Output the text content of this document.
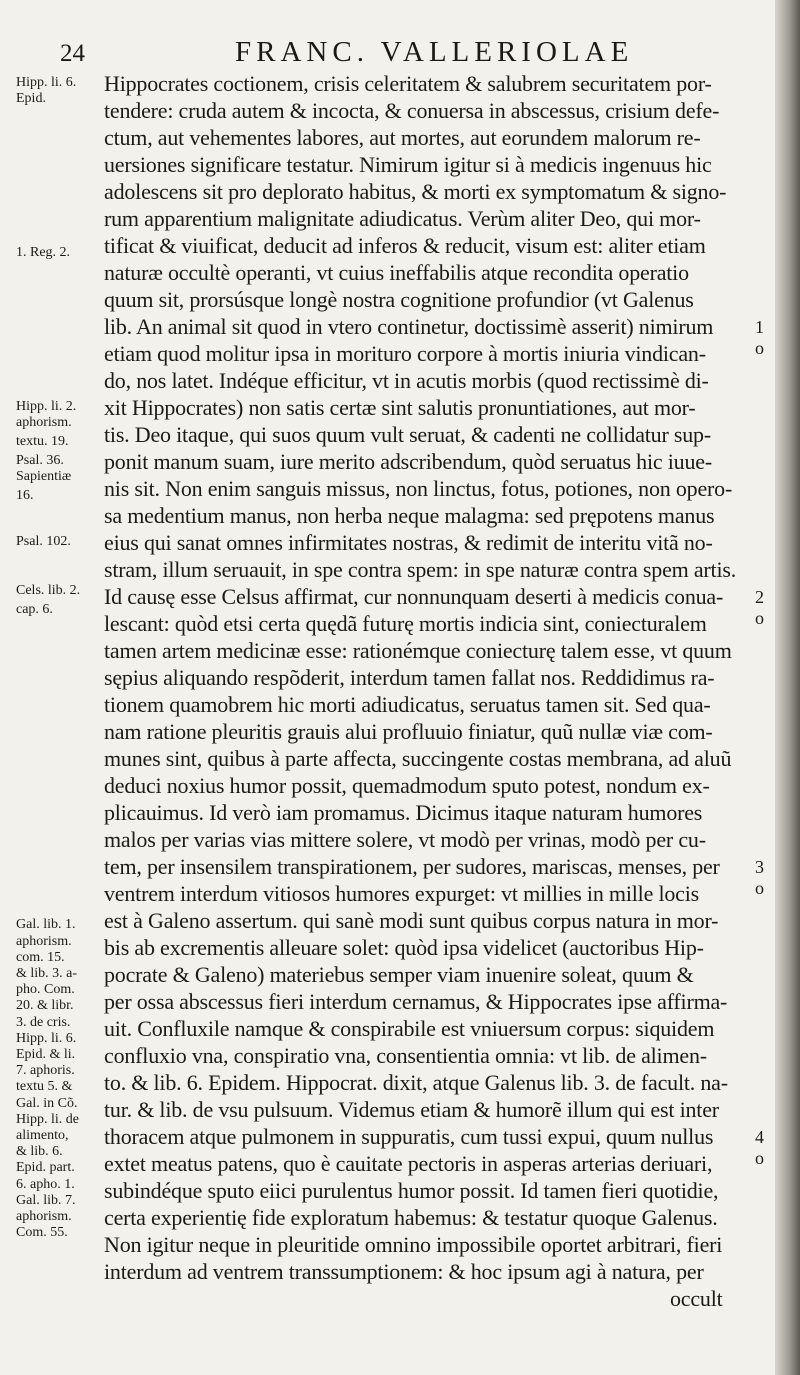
24	FRANC. VALLERIOLAE
Hippocrates coctionem, crisis celeritatem & salubrem securitatem por-
tendere: cruda autem & incocta, & conuersa in abscessus, crisium defe-
ctum, aut vehementes labores, aut mortes, aut eorundem malorum re-
uersiones significare testatur. Nimirum igitur si à medicis ingenuus hic
adolescens sit pro deplorato habitus, & morti ex symptomatum & signo-
rum apparentium malignitate adiudicatus. Verùm aliter Deo, qui mor-
tificat & viuificat, deducit ad inferos & reducit, visum est: aliter etiam
naturæ occultè operanti, vt cuius ineffabilis atque recondita operatio
quum sit, prorsúsque longè nostra cognitione profundior (vt Galenus
lib. An animal sit quod in vtero continetur, doctissimè asserit) nimirum
etiam quod molitur ipsa in morituro corpore à mortis iniuria vindican-
do, nos latet. Indéque efficitur, vt in acutis morbis (quod rectissimè di-
xit Hippocrates) non satis certæ sint salutis pronuntiationes, aut mor-
tis. Deo itaque, qui suos quum vult seruat, & cadenti ne collidatur sup-
ponit manum suam, iure merito adscribendum, quòd seruatus hic iuue-
nis sit. Non enim sanguis missus, non linctus, fotus, potiones, non opero-
sa medentium manus, non herba neque malagma: sed prępotens manus
eius qui sanat omnes infirmitates nostras, & redimit de interitu vitã no-
stram, illum seruauit, in spe contra spem: in spe naturæ contra spem artis.
Id causę esse Celsus affirmat, cur nonnunquam deserti à medicis conua-
lescant: quòd etsi certa quędã futurę mortis indicia sint, coniecturalem
tamen artem medicinæ esse: rationémque coniecturę talem esse, vt quum
sępius aliquando respõderit, interdum tamen fallat nos. Reddidimus ra-
tionem quamobrem hic morti adiudicatus, seruatus tamen sit. Sed qua-
nam ratione pleuritis grauis alui profluuio finiatur, quũ nullæ viæ com-
munes sint, quibus à parte affecta, succingente costas membrana, ad aluũ
deduci noxius humor possit, quemadmodum sputo potest, nondum ex-
plicauimus. Id verò iam promamus. Dicimus itaque naturam humores
malos per varias vias mittere solere, vt modò per vrinas, modò per cu-
tem, per insensilem transpirationem, per sudores, mariscas, menses, per
ventrem interdum vitiosos humores expurget: vt millies in mille locis
est à Galeno assertum. qui sanè modi sunt quibus corpus natura in mor-
bis ab excrementis alleuare solet: quòd ipsa videlicet (auctoribus Hip-
pocrate & Galeno) materiebus semper viam inuenire soleat, quum &
per ossa abscessus fieri interdum cernamus, & Hippocrates ipse affirma-
uit. Confluxile namque & conspirabile est vniuersum corpus: siquidem
confluxio vna, conspiratio vna, consentientia omnia: vt lib. de alimen-
to. & lib. 6. Epidem. Hippocrat. dixit, atque Galenus lib. 3. de facult. na-
tur. & lib. de vsu pulsuum. Videmus etiam & humorẽ illum qui est inter
thoracem atque pulmonem in suppuratis, cum tussi expui, quum nullus
extet meatus patens, quo è cauitate pectoris in asperas arterias deriuari,
subindéque sputo eiici purulentus humor possit. Id tamen fieri quotidie,
certa experientię fide exploratum habemus: & testatur quoque Galenus.
Non igitur neque in pleuritide omnino impossibile oportet arbitrari, fieri
interdum ad ventrem transsumptionem: & hoc ipsum agi à natura, per
occult
1 o
2 o
3 o
4 o
Hipp. li. 6.
Epid.
1. Reg. 2.
Hipp. li. 2.
aphorism.
textu. 19.
Psal. 36.
Sapientiæ
16.
Psal. 102.
Cels. lib. 2.
cap. 6.
Gal. lib. 1.
aphorism.
com. 15.
& lib. 3. a-
pho. Com.
20. & libr.
3. de cris.
Hipp. li. 6.
Epid. & li.
7. aphoris.
textu 5. &
Gal. in Cõ.
Hipp. li. de
alimento,
& lib. 6.
Epid. part.
6. apho. 1.
Gal. lib. 7.
aphorism.
Com. 55.
